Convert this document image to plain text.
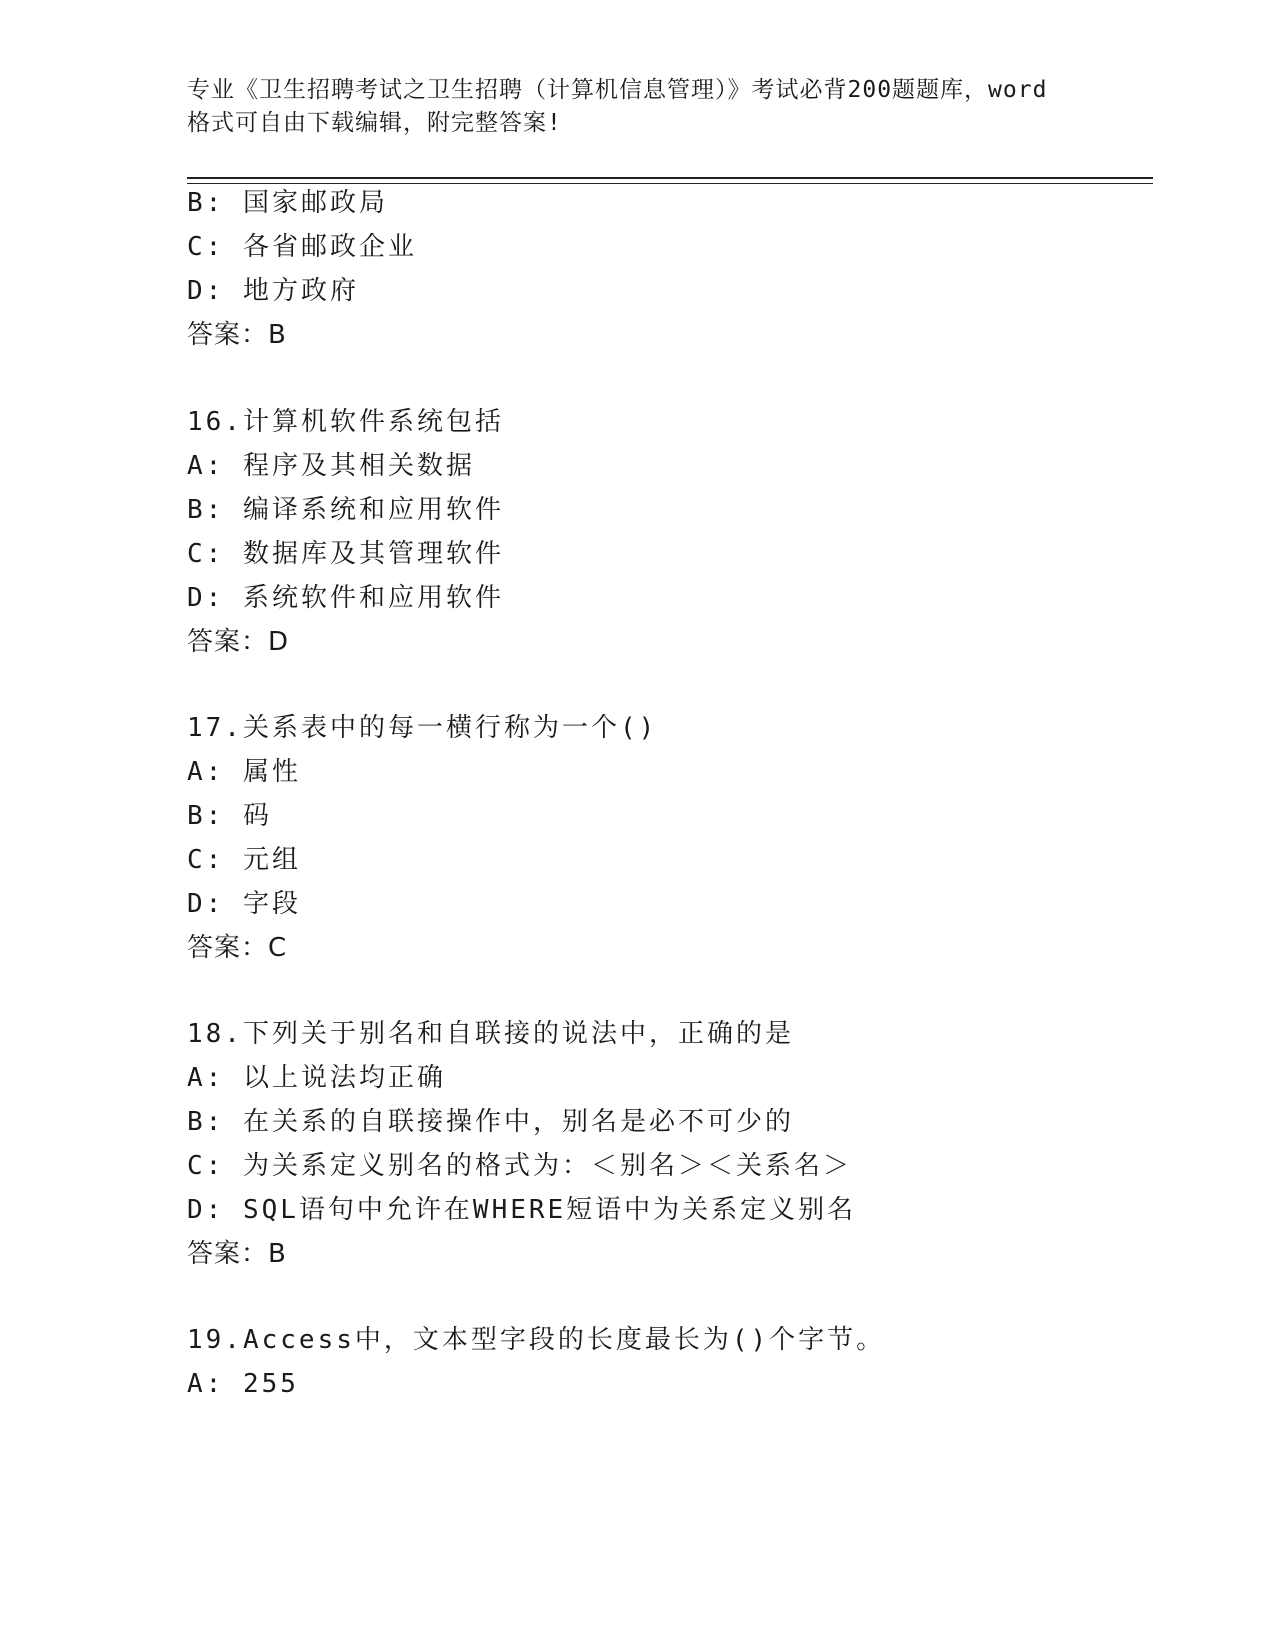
专业《卫生招聘考试之卫生招聘（计算机信息管理）》考试必背200题题库，word
格式可自由下载编辑，附完整答案!
B: 国家邮政局
C: 各省邮政企业
D: 地方政府
答案：B
16.计算机软件系统包括
A: 程序及其相关数据
B: 编译系统和应用软件
C: 数据库及其管理软件
D: 系统软件和应用软件
答案：D
17.关系表中的每一横行称为一个()
A: 属性
B: 码
C: 元组
D: 字段
答案：C
18.下列关于别名和自联接的说法中，正确的是
A: 以上说法均正确
B: 在关系的自联接操作中，别名是必不可少的
C: 为关系定义别名的格式为：＜别名＞＜关系名＞
D: SQL语句中允许在WHERE短语中为关系定义别名
答案：B
19.Access中，文本型字段的长度最长为()个字节。
A: 255
